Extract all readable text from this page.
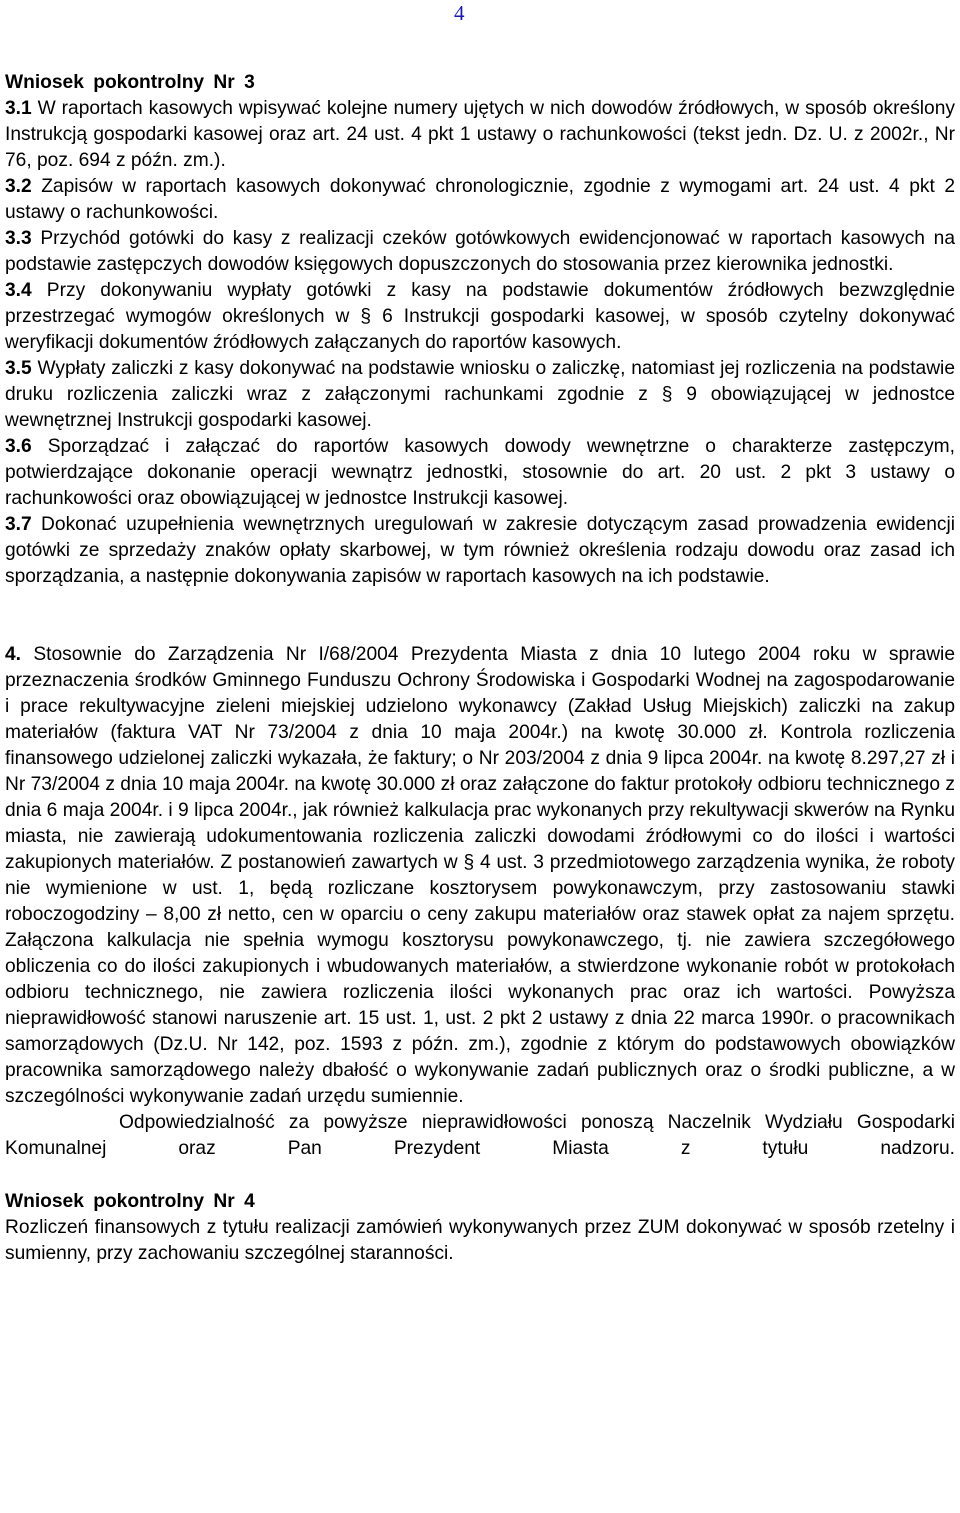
4

Wniosek pokontrolny Nr 3

3.1 W raportach kasowych wpisywać kolejne numery ujętych w nich dowodów źródłowych, w sposób określony Instrukcją gospodarki kasowej oraz art. 24 ust. 4 pkt 1 ustawy o rachunkowości (tekst jedn. Dz. U. z 2002r., Nr 76, poz. 694 z późn. zm.).

3.2 Zapisów w raportach kasowych dokonywać chronologicznie, zgodnie z wymogami art. 24 ust. 4 pkt 2 ustawy o rachunkowości.

3.3 Przychód gotówki do kasy z realizacji czeków gotówkowych ewidencjonować w raportach kasowych na podstawie zastępczych dowodów księgowych dopuszczonych do stosowania przez kierownika jednostki.

3.4 Przy dokonywaniu wypłaty gotówki z kasy na podstawie dokumentów źródłowych bezwzględnie przestrzegać wymogów określonych w § 6 Instrukcji gospodarki kasowej, w sposób czytelny dokonywać weryfikacji dokumentów źródłowych załączanych do raportów kasowych.

3.5 Wypłaty zaliczki z kasy dokonywać na podstawie wniosku o zaliczkę, natomiast jej rozliczenia na podstawie druku rozliczenia zaliczki wraz z załączonymi rachunkami zgodnie z § 9 obowiązującej w jednostce wewnętrznej Instrukcji gospodarki kasowej.

3.6 Sporządzać i załączać do raportów kasowych dowody wewnętrzne o charakterze zastępczym, potwierdzające dokonanie operacji wewnątrz jednostki, stosownie do art. 20 ust. 2 pkt 3 ustawy o rachunkowości oraz obowiązującej w jednostce Instrukcji kasowej.

3.7 Dokonać uzupełnienia wewnętrznych uregulowań w zakresie dotyczącym zasad prowadzenia ewidencji gotówki ze sprzedaży znaków opłaty skarbowej, w tym również określenia rodzaju dowodu oraz zasad ich sporządzania, a następnie dokonywania zapisów w raportach kasowych na ich podstawie.

4. Stosownie do Zarządzenia Nr I/68/2004 Prezydenta Miasta z dnia 10 lutego 2004 roku w sprawie przeznaczenia środków Gminnego Funduszu Ochrony Środowiska i Gospodarki Wodnej na zagospodarowanie i prace rekultywacyjne zieleni miejskiej udzielono wykonawcy (Zakład Usług Miejskich) zaliczki na zakup materiałów (faktura VAT Nr 73/2004 z dnia 10 maja 2004r.) na kwotę 30.000 zł. Kontrola rozliczenia finansowego udzielonej zaliczki wykazała, że faktury; o Nr 203/2004 z dnia 9 lipca 2004r. na kwotę 8.297,27 zł i Nr 73/2004 z dnia 10 maja 2004r. na kwotę 30.000 zł oraz załączone do faktur protokoły odbioru technicznego z dnia 6 maja 2004r. i 9 lipca 2004r., jak również kalkulacja prac wykonanych przy rekultywacji skwerów na Rynku miasta, nie zawierają udokumentowania rozliczenia zaliczki dowodami źródłowymi co do ilości i wartości zakupionych materiałów. Z postanowień zawartych w § 4 ust. 3 przedmiotowego zarządzenia wynika, że roboty nie wymienione w ust. 1, będą rozliczane kosztorysem powykonawczym, przy zastosowaniu stawki roboczogodziny – 8,00 zł netto, cen w oparciu o ceny zakupu materiałów oraz stawek opłat za najem sprzętu. Załączona kalkulacja nie spełnia wymogu kosztorysu powykonawczego, tj. nie zawiera szczegółowego obliczenia co do ilości zakupionych i wbudowanych materiałów, a stwierdzone wykonanie robót w protokołach odbioru technicznego, nie zawiera rozliczenia ilości wykonanych prac oraz ich wartości. Powyższa nieprawidłowość stanowi naruszenie art. 15 ust. 1, ust. 2 pkt 2 ustawy z dnia 22 marca 1990r. o pracownikach samorządowych (Dz.U. Nr 142, poz. 1593 z późn. zm.), zgodnie z którym do podstawowych obowiązków pracownika samorządowego należy dbałość o wykonywanie zadań publicznych oraz o środki publiczne, a w szczególności wykonywanie zadań urzędu sumiennie.

Odpowiedzialność za powyższe nieprawidłowości ponoszą Naczelnik Wydziału Gospodarki Komunalnej oraz Pan Prezydent Miasta z tytułu nadzoru.

Wniosek pokontrolny Nr 4

Rozliczeń finansowych z tytułu realizacji zamówień wykonywanych przez ZUM dokonywać w sposób rzetelny i sumienny, przy zachowaniu szczególnej staranności.
